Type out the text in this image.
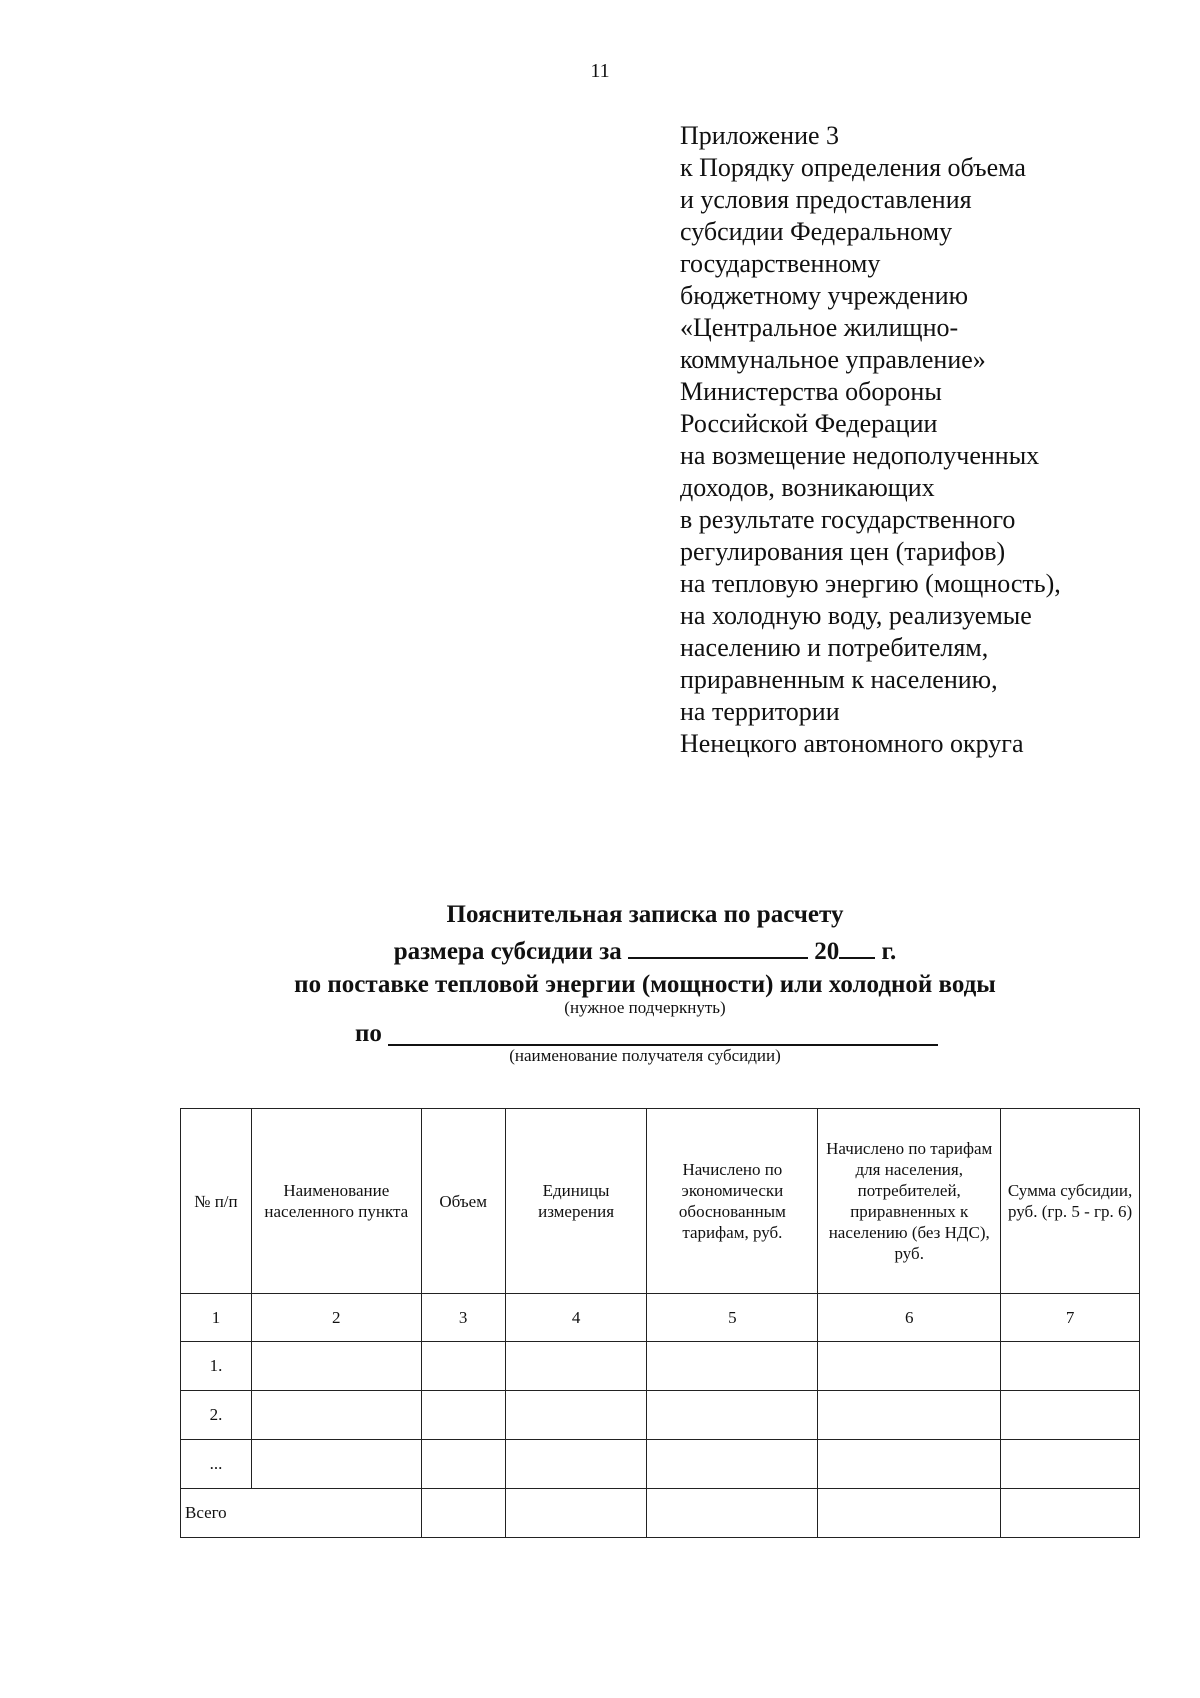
11
Приложение 3
к Порядку определения объема
и условия предоставления
субсидии Федеральному
государственному
бюджетному учреждению
«Центральное жилищно-
коммунальное управление»
Министерства обороны
Российской Федерации
на возмещение недополученных
доходов, возникающих
в результате государственного
регулирования цен (тарифов)
на тепловую энергию (мощность),
на холодную воду, реализуемые
населению и потребителям,
приравненным к населению,
на территории
Ненецкого автономного округа
Пояснительная записка по расчету
размера субсидии за	20 г.
по поставке тепловой энергии (мощности) или холодной воды
(нужное подчеркнуть)
по
(наименование получателя субсидии)
№ п/п	Наименование населенного пункта	Объем	Единицы измерения	Начислено по экономически обоснованным тарифам, руб.	Начислено по тарифам для населения, потребителей, приравненных к населению (без НДС), руб.	Сумма субсидии, руб. (гр. 5 - гр. 6)
1	2	3	4	5	6	7
1.						
2.						
...						
Всего						
